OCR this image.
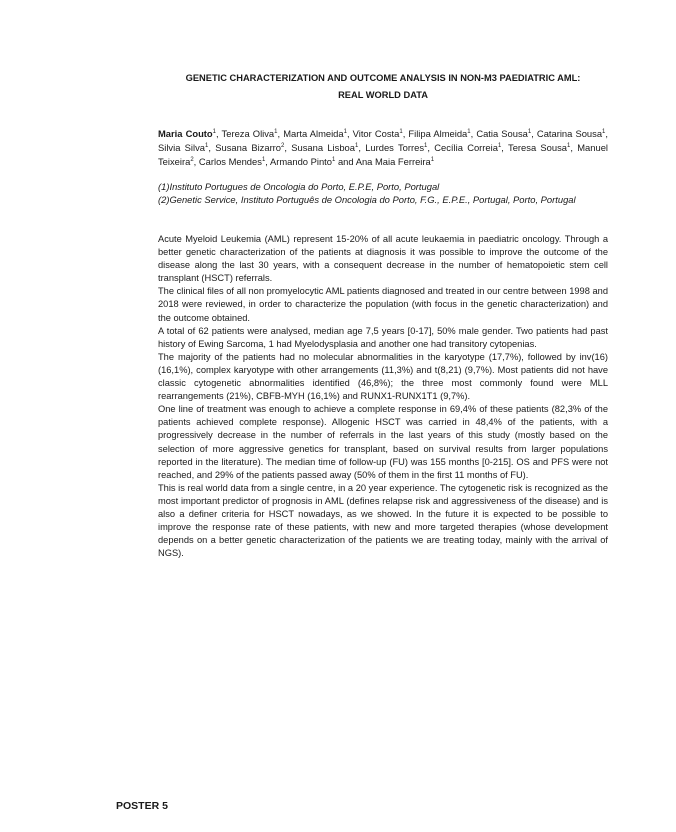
GENETIC CHARACTERIZATION AND OUTCOME ANALYSIS IN NON-M3 PAEDIATRIC AML:
REAL WORLD DATA
Maria Couto$^1$, Tereza Oliva$^1$, Marta Almeida$^1$, Vitor Costa$^1$, Filipa Almeida$^1$, Catia Sousa$^1$, Catarina Sousa$^1$, Silvia Silva$^1$, Susana Bizarro$^2$, Susana Lisboa$^1$, Lurdes Torres$^1$, Cecília Correia$^1$, Teresa Sousa$^1$, Manuel Teixeira$^2$, Carlos Mendes$^1$, Armando Pinto$^1$ and Ana Maia Ferreira$^1$
(1)Instituto Portugues de Oncologia do Porto, E.P.E, Porto, Portugal
(2)Genetic Service, Instituto Português de Oncologia do Porto, F.G., E.P.E., Portugal, Porto, Portugal

Acute Myeloid Leukemia (AML) represent 15-20% of all acute leukaemia in paediatric oncology. Through a better genetic characterization of the patients at diagnosis it was possible to improve the outcome of the disease along the last 30 years, with a consequent decrease in the number of hematopoietic stem cell transplant (HSCT) referrals.

The clinical files of all non promyelocytic AML patients diagnosed and treated in our centre between 1998 and 2018 were reviewed, in order to characterize the population (with focus in the genetic characterization) and the outcome obtained.

A total of 62 patients were analysed, median age 7,5 years [0-17], 50% male gender. Two patients had past history of Ewing Sarcoma, 1 had Myelodysplasia and another one had transitory cytopenias.

The majority of the patients had no molecular abnormalities in the karyotype (17,7%), followed by inv(16) (16,1%), complex karyotype with other arrangements (11,3%) and t(8,21) (9,7%). Most patients did not have classic cytogenetic abnormalities identified (46,8%); the three most commonly found were MLL rearrangements (21%), CBFB-MYH (16,1%) and RUNX1-RUNX1T1 (9,7%).

One line of treatment was enough to achieve a complete response in 69,4% of these patients (82,3% of the patients achieved complete response). Allogenic HSCT was carried in 48,4% of the patients, with a progressively decrease in the number of referrals in the last years of this study (mostly based on the selection of more aggressive genetics for transplant, based on survival results from larger populations reported in the literature). The median time of follow-up (FU) was 155 months [0-215]. OS and PFS were not reached, and 29% of the patients passed away (50% of them in the first 11 months of FU).

This is real world data from a single centre, in a 20 year experience. The cytogenetic risk is recognized as the most important predictor of prognosis in AML (defines relapse risk and aggressiveness of the disease) and is also a definer criteria for HSCT nowadays, as we showed. In the future it is expected to be possible to improve the response rate of these patients, with new and more targeted therapies (whose development depends on a better genetic characterization of the patients we are treating today, mainly with the arrival of NGS).

POSTER 5
